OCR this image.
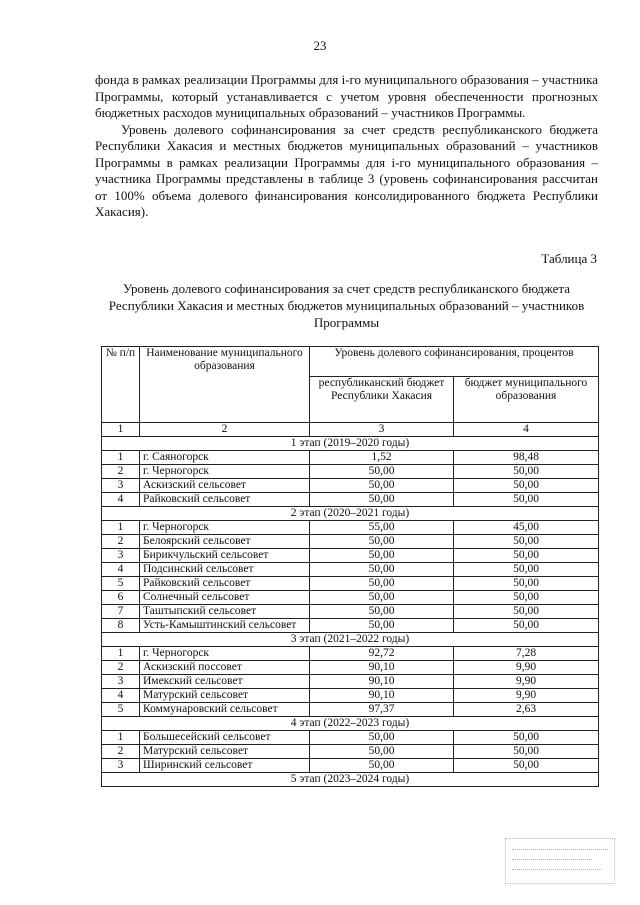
23

фонда в рамках реализации Программы для i-го муниципального образования – участника Программы, который устанавливается с учетом уровня обеспеченности прогнозных бюджетных расходов муниципальных образований – участников Программы.

Уровень долевого софинансирования за счет средств республиканского бюджета Республики Хакасия и местных бюджетов муниципальных образований – участников Программы в рамках реализации Программы для i-го муниципального образования – участника Программы представлены в таблице 3 (уровень софинансирования рассчитан от 100% объема долевого финансирования консолидированного бюджета Республики Хакасия).

Таблица 3
Уровень долевого софинансирования за счет средств республиканского бюджета Республики Хакасия и местных бюджетов муниципальных образований – участников Программы
№ п/п	Наименование муниципального образования	Уровень долевого софинансирования, процентов	
		республиканский бюджет Республики Хакасия	бюджет муниципального образования
1	2	3	4
1 этап (2019–2020 годы)			
1	г. Саяногорск	1,52	98,48
2	г. Черногорск	50,00	50,00
3	Аскизский сельсовет	50,00	50,00
4	Райковский сельсовет	50,00	50,00
2 этап (2020–2021 годы)			
1	г. Черногорск	55,00	45,00
2	Белоярский сельсовет	50,00	50,00
3	Бирикчульский сельсовет	50,00	50,00
4	Подсинский сельсовет	50,00	50,00
5	Райковский сельсовет	50,00	50,00
6	Солнечный сельсовет	50,00	50,00
7	Таштыпский сельсовет	50,00	50,00
8	Усть-Камыштинский сельсовет	50,00	50,00
3 этап (2021–2022 годы)			
1	г. Черногорск	92,72	7,28
2	Аскизский поссовет	90,10	9,90
3	Имекский сельсовет	90,10	9,90
4	Матурский сельсовет	90,10	9,90
5	Коммунаровский сельсовет	97,37	2,63
4 этап (2022–2023 годы)			
1	Большесейский сельсовет	50,00	50,00
2	Матурский сельсовет	50,00	50,00
3	Ширинский сельсовет	50,00	50,00
5 этап (2023–2024 годы)			
